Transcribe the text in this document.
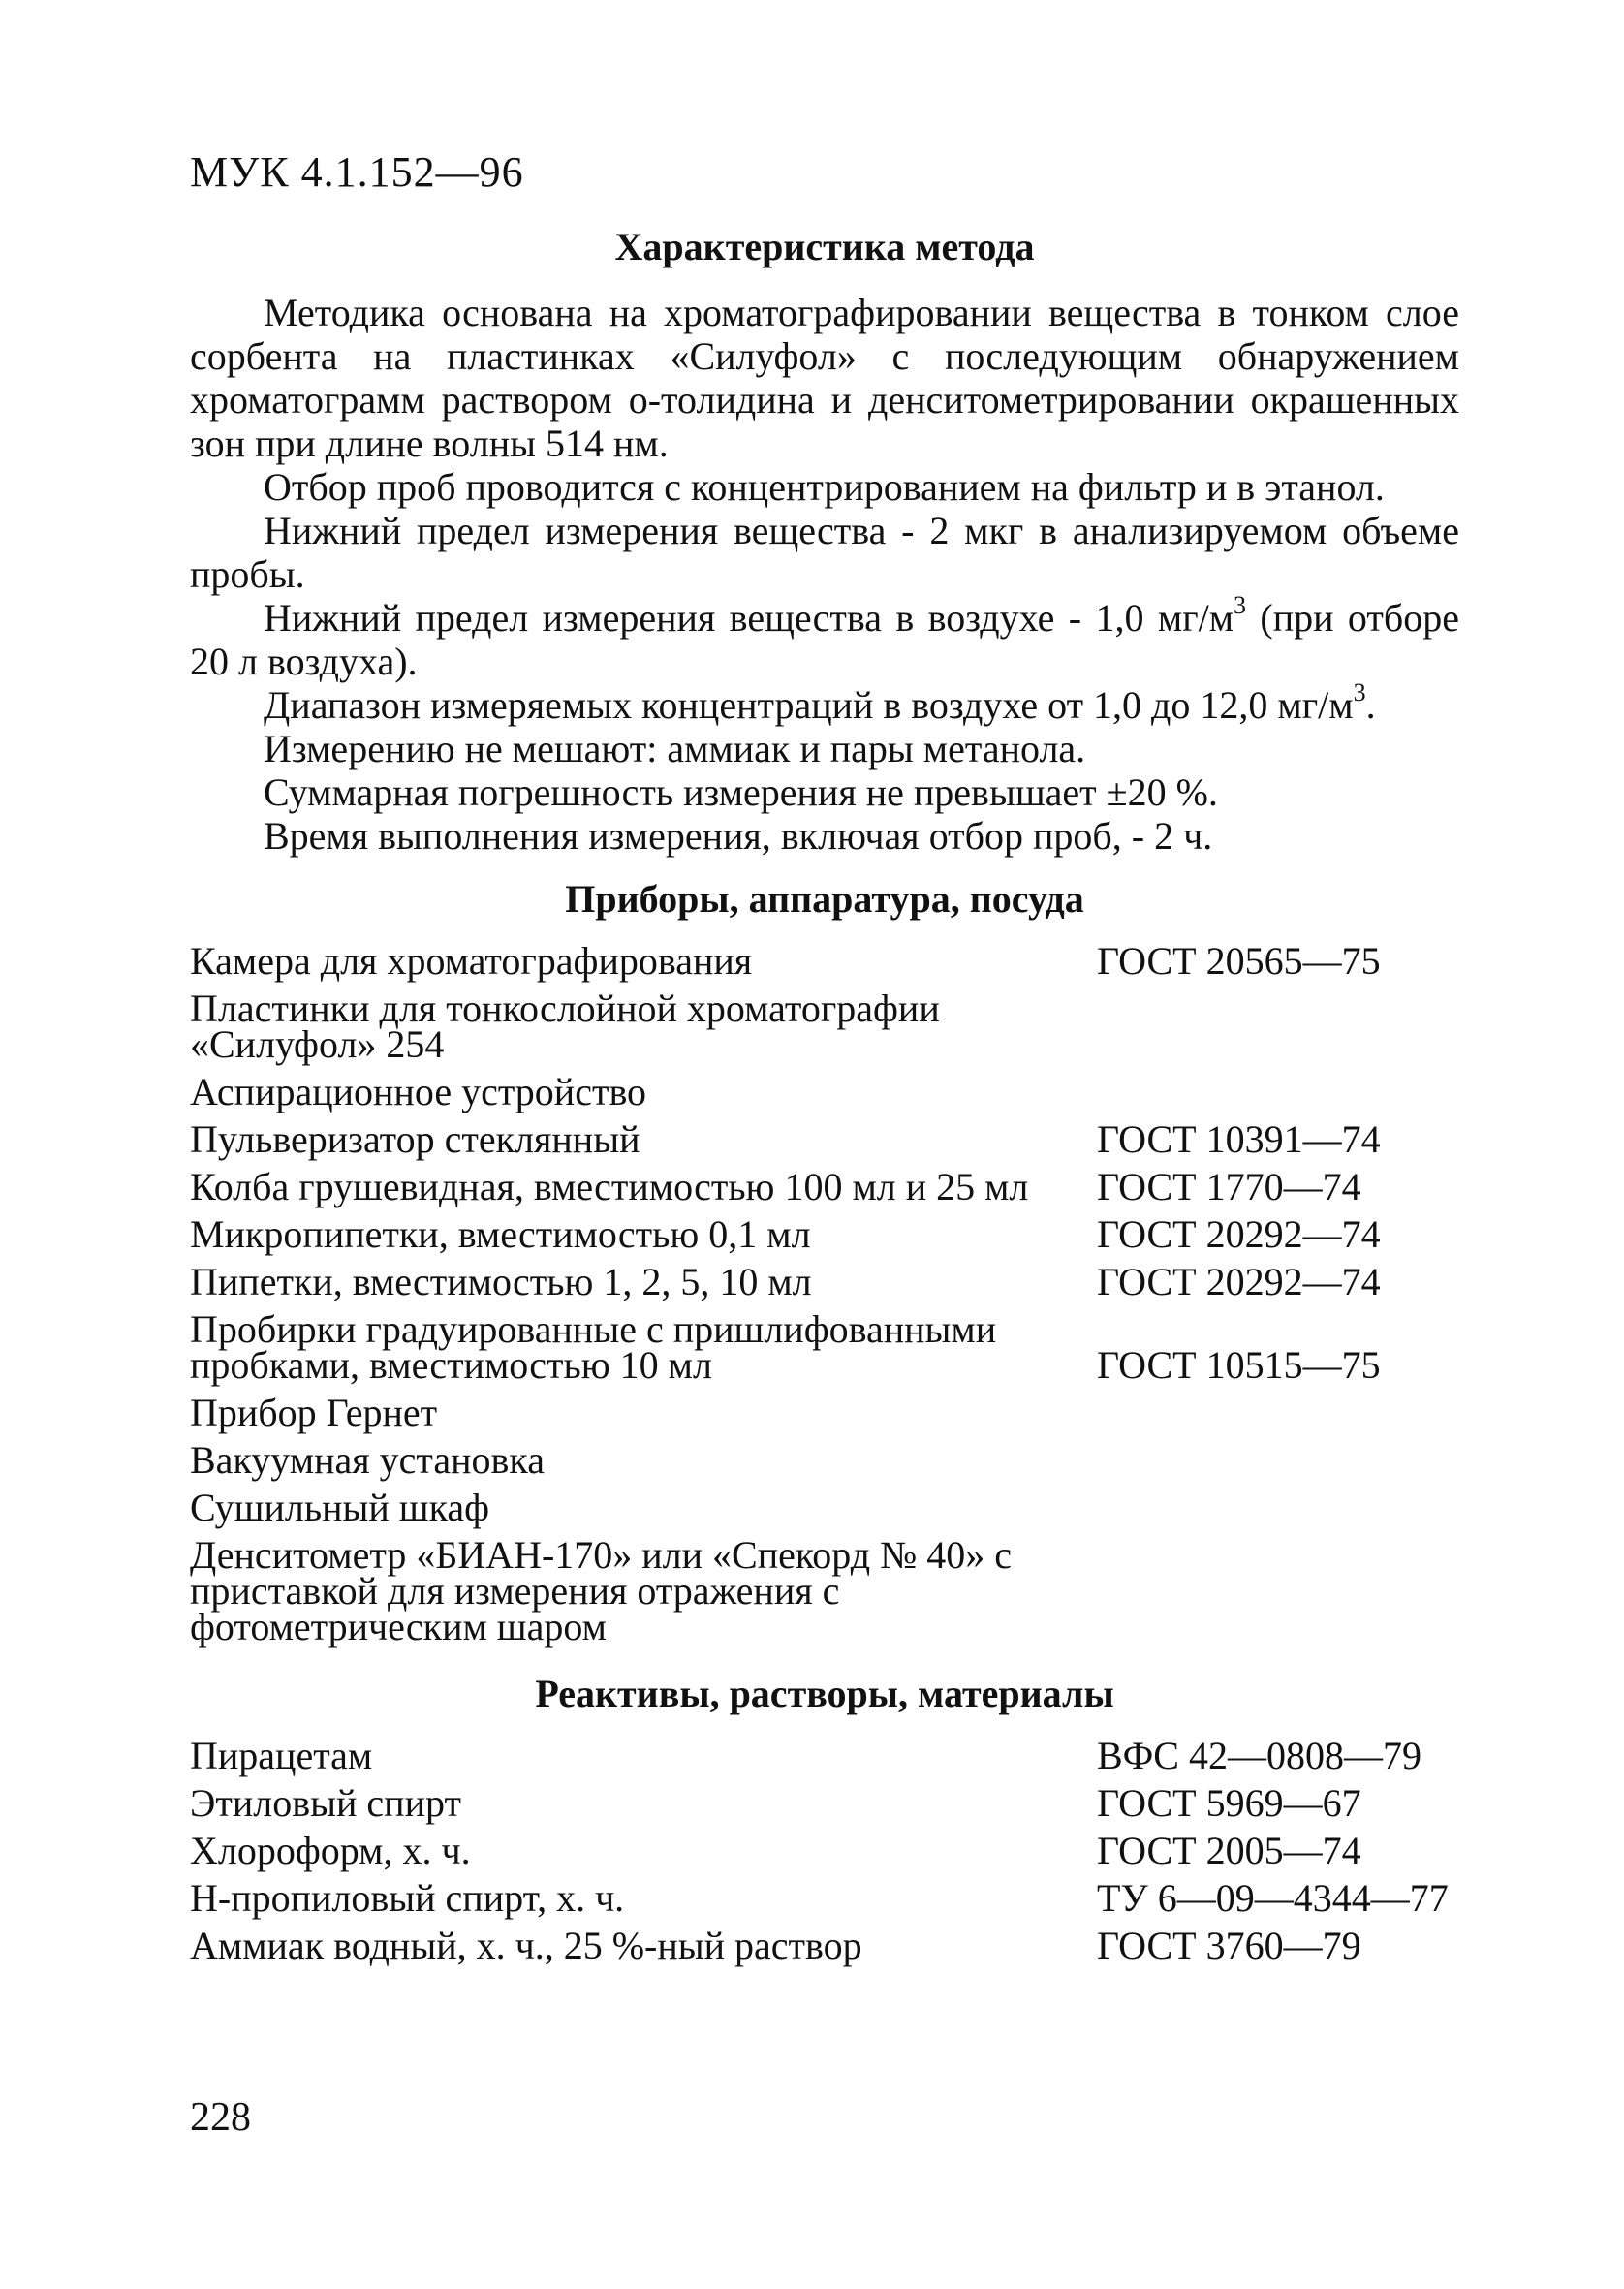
МУК 4.1.152—96
Характеристика метода

Методика основана на хроматографировании вещества в тонком слое сорбента на пластинках «Силуфол» с последующим обнаружением хроматограмм раствором о-толидина и денситометрировании окрашенных зон при длине волны 514 нм.

Отбор проб проводится с концентрированием на фильтр и в этанол.

Нижний предел измерения вещества - 2 мкг в анализируемом объеме пробы.

Нижний предел измерения вещества в воздухе - 1,0 $мг/м^3$ (при отборе 20 л воздуха).

Диапазон измеряемых концентраций в воздухе от 1,0 до 12,0 $мг/м^3$.

Измерению не мешают: аммиак и пары метанола.

Суммарная погрешность измерения не превышает ±20 %.

Время выполнения измерения, включая отбор проб, - 2 ч.

Приборы, аппаратура, посуда
Камера для хроматографирования	ГОСТ 20565—75
Пластинки для тонкослойной хроматографии «Силуфол» 254
Аспирационное устройство
Пульверизатор стеклянный	ГОСТ 10391—74
Колба грушевидная, вместимостью 100 мл и 25 мл	ГОСТ 1770—74
Микропипетки, вместимостью 0,1 мл	ГОСТ 20292—74
Пипетки, вместимостью 1, 2, 5, 10 мл	ГОСТ 20292—74
Пробирки градуированные с пришлифованными пробками, вместимостью 10 мл	ГОСТ 10515—75
Прибор Гернет
Вакуумная установка
Сушильный шкаф
Денситометр «БИАН-170» или «Спекорд № 40» с приставкой для измерения отражения с фотометрическим шаром
Реактивы, растворы, материалы
Пирацетам	ВФС 42—0808—79
Этиловый спирт	ГОСТ 5969—67
Хлороформ, х. ч.	ГОСТ 2005—74
Н-пропиловый спирт, х. ч.	ТУ 6—09—4344—77
Аммиак водный, х. ч., 25 %-ный раствор	ГОСТ 3760—79
228
